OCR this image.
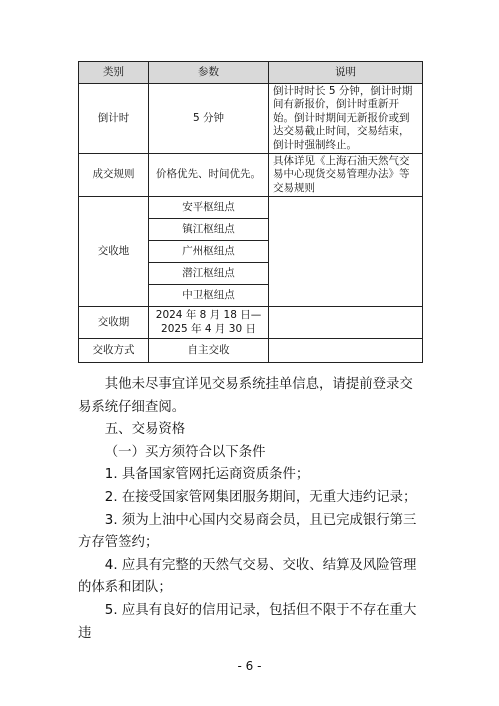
类别	参数	说明
倒计时	5 分钟	倒计时时长 5 分钟，倒计时期间有新报价，倒计时重新开始。倒计时期间无新报价或到达交易截止时间，交易结束，倒计时强制终止。
成交规则	价格优先、时间优先。	具体详见《上海石油天然气交易中心现货交易管理办法》等交易规则
交收地	安平枢纽点	
	镇江枢纽点	
	广州枢纽点	
	潜江枢纽点	
	中卫枢纽点	
交收期	2024 年 8 月 18 日—
2025 年 4 月 30 日	
交收方式	自主交收	

其他未尽事宜详见交易系统挂单信息，请提前登录交易系统仔细查阅。

五、交易资格

（一）买方须符合以下条件

1. 具备国家管网托运商资质条件；

2. 在接受国家管网集团服务期间，无重大违约记录；

3. 须为上油中心国内交易商会员，且已完成银行第三方存管签约；

4. 应具有完整的天然气交易、交收、结算及风险管理的体系和团队；

5. 应具有良好的信用记录，包括但不限于不存在重大违

- 6 -
